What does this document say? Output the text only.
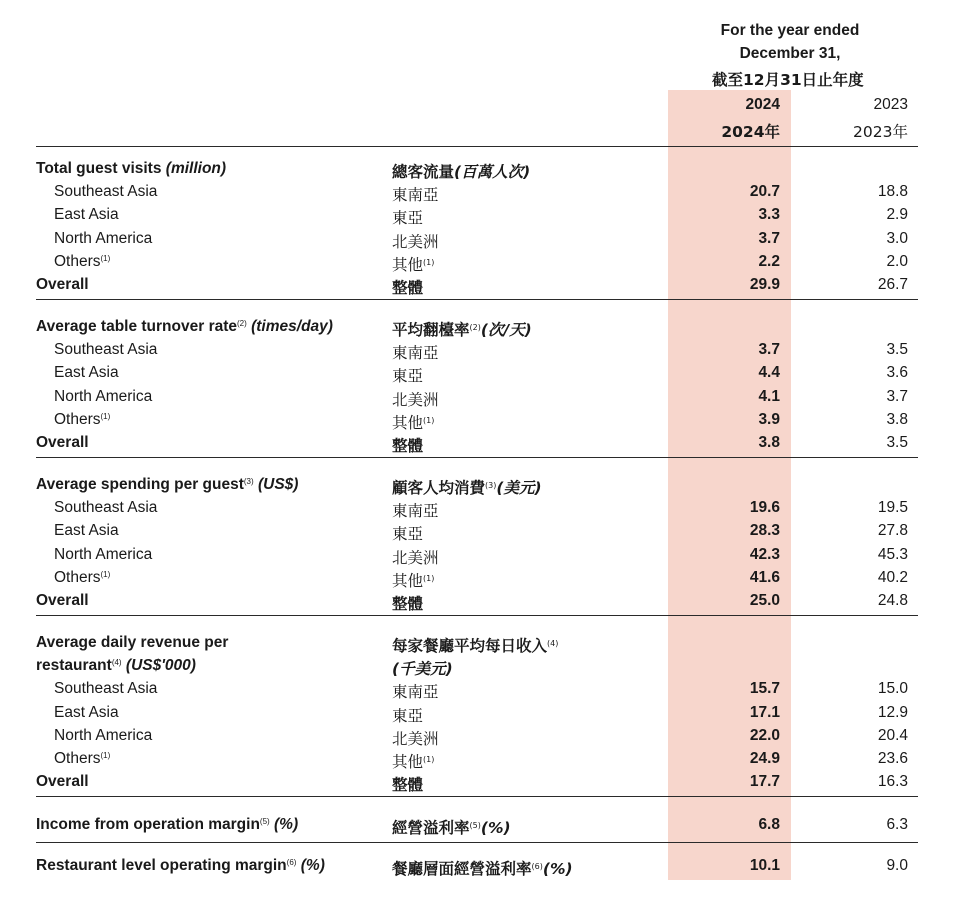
For the year ended
December 31,
截至12月31日止年度
2024
2024年
2023
2023年
Total guest visits (million)	總客流量(百萬人次)
Southeast Asia	東南亞	20.7	18.8
East Asia	東亞	3.3	2.9
North America	北美洲	3.7	3.0
Others$^{(1)}$	其他$^{(1)}$	2.2	2.0
Overall	整體	29.9	26.7
Average table turnover rate$^{(2)}$ (times/day)	平均翻檯率$^{(2)}$(次/天)
Southeast Asia	東南亞	3.7	3.5
East Asia	東亞	4.4	3.6
North America	北美洲	4.1	3.7
Others$^{(1)}$	其他$^{(1)}$	3.9	3.8
Overall	整體	3.8	3.5
Average spending per guest$^{(3)}$ (US$)	顧客人均消費$^{(3)}$(美元)
Southeast Asia	東南亞	19.6	19.5
East Asia	東亞	28.3	27.8
North America	北美洲	42.3	45.3
Others$^{(1)}$	其他$^{(1)}$	41.6	40.2
Overall	整體	25.0	24.8
Average daily revenue per	每家餐廳平均每日收入$^{(4)}$
restaurant$^{(4)}$ (US$'000)	(千美元)
Southeast Asia	東南亞	15.7	15.0
East Asia	東亞	17.1	12.9
North America	北美洲	22.0	20.4
Others$^{(1)}$	其他$^{(1)}$	24.9	23.6
Overall	整體	17.7	16.3
Income from operation margin$^{(5)}$ (%)	經營溢利率$^{(5)}$(%)	6.8	6.3
Restaurant level operating margin$^{(6)}$ (%)	餐廳層面經營溢利率$^{(6)}$(%)	10.1	9.0
